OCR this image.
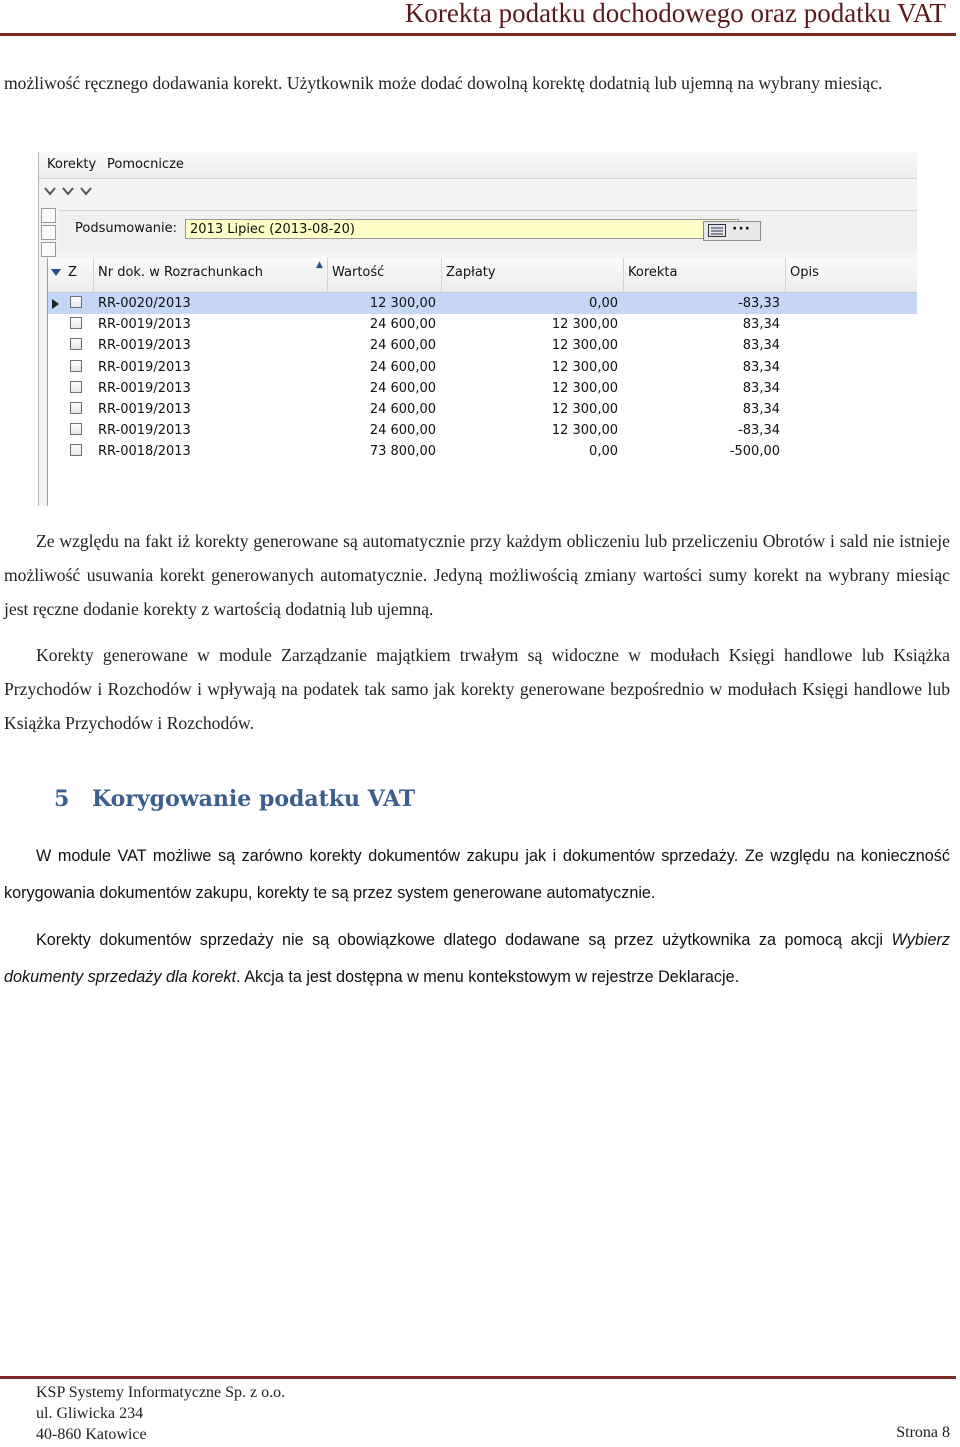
Korekta podatku dochodowego oraz podatku VAT
możliwość ręcznego dodawania korekt. Użytkownik może dodać dowolną korektę dodatnią lub ujemną na wybrany miesiąc.
Korekty Pomocnicze
Podsumowanie: 2013 Lipiec (2013-08-20)	···
Z	Nr dok. w Rozrachunkach	▲ Wartość	Zapłaty	Korekta	Opis
RR-0020/2013	12 300,00	0,00	-83,33
RR-0019/2013	24 600,00	12 300,00	83,34
RR-0019/2013	24 600,00	12 300,00	83,34
RR-0019/2013	24 600,00	12 300,00	83,34
RR-0019/2013	24 600,00	12 300,00	83,34
RR-0019/2013	24 600,00	12 300,00	83,34
RR-0019/2013	24 600,00	12 300,00	-83,34
RR-0018/2013	73 800,00	0,00	-500,00
Ze względu na fakt iż korekty generowane są automatycznie przy każdym obliczeniu lub przeliczeniu Obrotów i sald nie istnieje możliwość usuwania korekt generowanych automatycznie. Jedyną możliwością zmiany wartości sumy korekt na wybrany miesiąc jest ręczne dodanie korekty z wartością dodatnią lub ujemną.
Korekty generowane w module Zarządzanie majątkiem trwałym są widoczne w modułach Księgi handlowe lub Książka Przychodów i Rozchodów i wpływają na podatek tak samo jak korekty generowane bezpośrednio w modułach Księgi handlowe lub Książka Przychodów i Rozchodów.
5 Korygowanie podatku VAT
W module VAT możliwe są zarówno korekty dokumentów zakupu jak i dokumentów sprzedaży. Ze względu na konieczność korygowania dokumentów zakupu, korekty te są przez system generowane automatycznie.
Korekty dokumentów sprzedaży nie są obowiązkowe dlatego dodawane są przez użytkownika za pomocą akcji Wybierz dokumenty sprzedaży dla korekt. Akcja ta jest dostępna w menu kontekstowym w rejestrze Deklaracje.
KSP Systemy Informatyczne Sp. z o.o.
ul. Gliwicka 234
40-860 Katowice	Strona 8
